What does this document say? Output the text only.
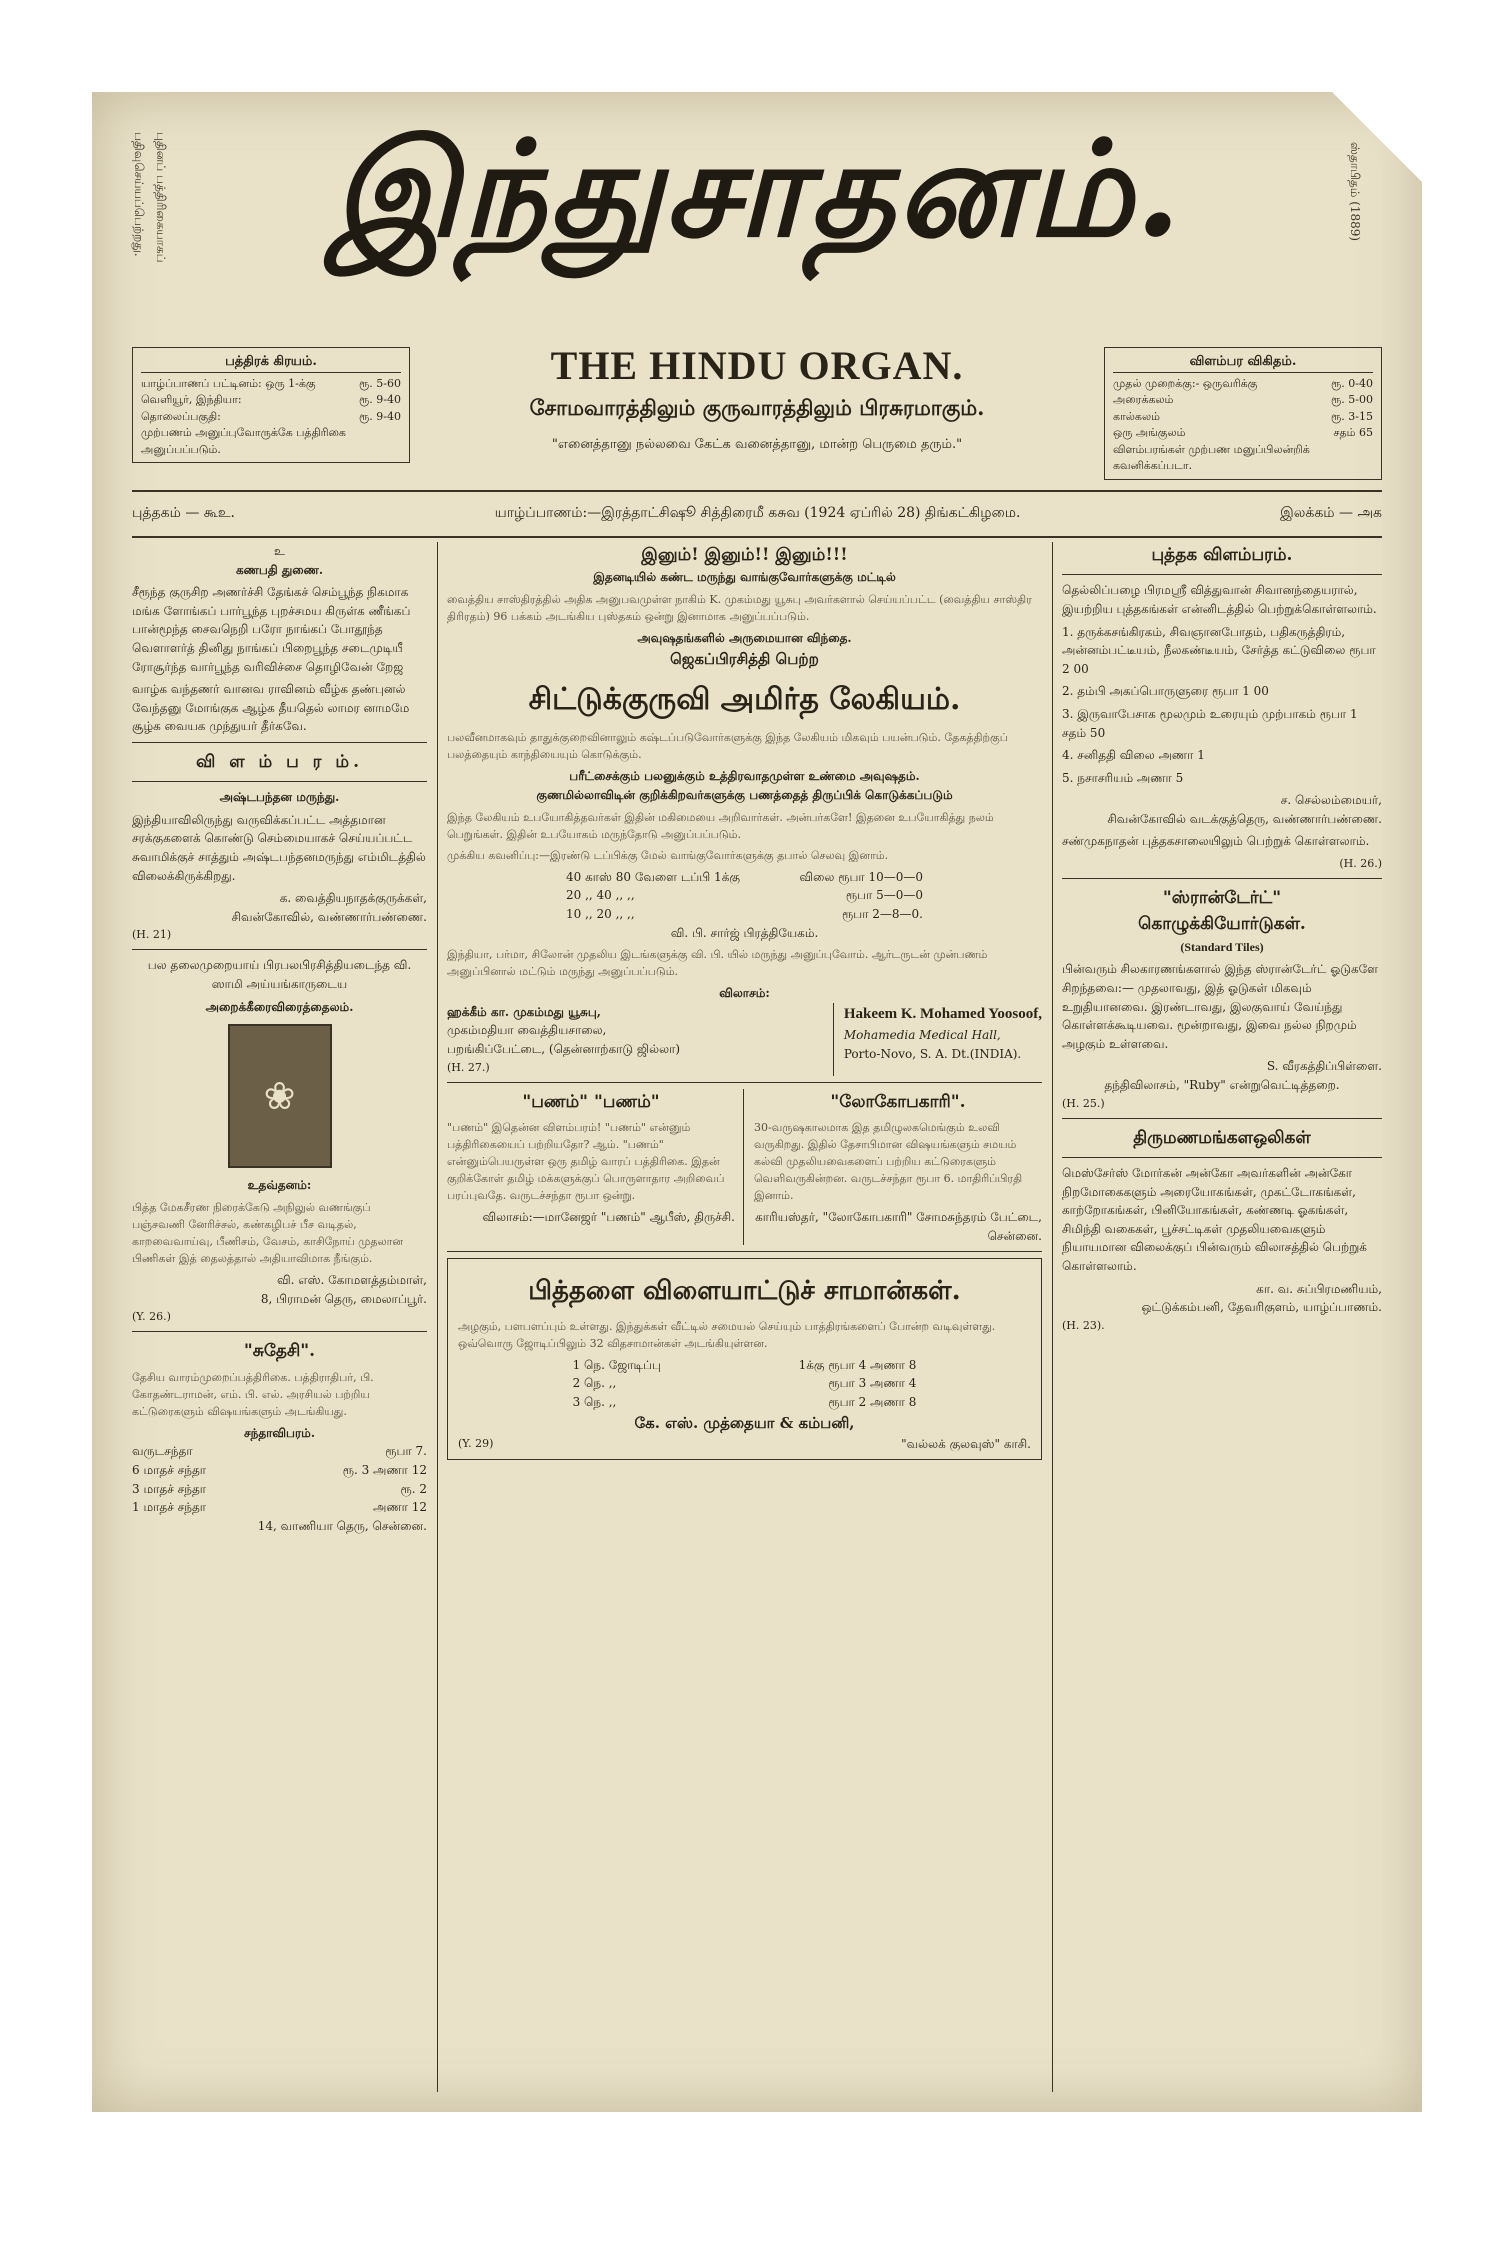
பதிவுசெய்யப்பெற்றது. புதினப் பத்திரிகையாகப்	ஸ்தாபிதம் (1889)
இந்துசாதனம்.
THE HINDU ORGAN.
சோமவாரத்திலும் குருவாரத்திலும் பிரசுரமாகும்.
"எனைத்தானு நல்லவை கேட்க வனைத்தானு, மான்ற பெருமை தரும்."
பத்திரக் கிரயம்.
யாழ்ப்பாணப் பட்டினம்: ஒரு 1-க்கு	ரூ. 5-60
வெளியூர், இந்தியா:	ரூ. 9-40
தொலைப்பகுதி:	ரூ. 9-40
முற்பணம் அனுப்புவோருக்கே பத்திரிகை அனுப்பப்படும்.
விளம்பர விகிதம்.
முதல் முறைக்கு:- ஒருவரிக்கு	ரூ. 0-40
அரைக்கலம்	ரூ. 5-00
கால்கலம்	ரூ. 3-15
ஒரு அங்குலம்	சதம் 65
விளம்பரங்கள் முற்பண மனுப்பிலன்றிக் கவனிக்கப்படா.
புத்தகம் — கூஉ.	யாழ்ப்பாணம்:—இரத்தாட்சிஷூ சித்திரைமீ கசுவ (1924 ஏப்ரில் 28) திங்கட்கிழமை.	இலக்கம் — அக
உ
கணபதி துணை.

சீரூந்த குருசிற அணர்ச்சி தேங்கச் செம்பூந்த நிகமாக மங்க ளோங்கப் பார்பூந்த புறச்சமய கிருள்க ணீங்கப் பான்மூந்த சைவநெறி பரோ நாங்கப் போதூந்த வெளாளர்த் தினிது நாங்கப் பிறைபூந்த சடைமுடியீ ரோசூர்ந்த வார்பூந்த வரிவிச்சை தொழிவேன் றேஜ

வாழ்க வந்தணர் வானவ ராவினம் வீழ்க தண்புனல் வேந்தனு மோங்குக ஆழ்க தீயதெல் லாமர னாமமே சூழ்க வையக முந்துயர் தீர்கவே.

வி ள ம் ப ர ம்.
அஷ்டபந்தன மருந்து.

இந்தியாவிலிருந்து வருவிக்கப்பட்ட அத்தமான சரக்குகளைக் கொண்டு செம்மையாகச் செய்யப்பட்ட சுவாமிக்குச் சாத்தும் அஷ்டபந்தனமருந்து எம்மிடத்தில் விலைக்கிருக்கிறது.

க. வைத்தியநாதக்குருக்கள்,
சிவன்கோவில், வண்ணார்பண்ணை.
(H. 21)

பல தலைமுறையாய் பிரபலபிரசித்தியடைந்த வி. ஸாமி அய்யங்காருடைய

அறைக்கீரைவிரைத்தைலம்.
❀
உதவ்தனம்:

பித்த மேகசீரண நிரைக்கேடு அநிலுல் வணங்குப் பஞ்சவணி னேரிச்சல், கண்கழிபச் பீச வடிதல், காறவைவாய்வு, பீணிசம், வேசம், காசிநோய் முதலான பிணிகள் இத் தைலத்தால் அதியாவிமாக நீங்கும்.

வி. எஸ். கோமளத்தம்மாள்,
8, பிராமன் தெரு, மைலாப்பூர்.
(Y. 26.)
"சுதேசி".

தேசிய வாரம்முறைப்பத்திரிகை. பத்திராதிபர், பி. கோதண்டராமன், எம். பி. எல். அரசியல் பற்றிய கட்டுரைகளும் விஷயங்களும் அடங்கியது.

சந்தாவிபரம்.
வருடசந்தா	ரூபா 7.
6 மாதச் சந்தா	ரூ. 3 அணா 12
3 மாதச் சந்தா	ரூ. 2
1 மாதச் சந்தா	அணா 12
14, வாணியா தெரு, சென்னை.
இனும்! இனும்!! இனும்!!!
இதனடியில் கண்ட மருந்து வாங்குவோர்களுக்கு மட்டில்

வைத்திய சாஸ்திரத்தில் அதிக அனுபவமுள்ள நாகிம் K. முகம்மது யூசுபு அவர்களால் செய்யப்பட்ட (வைத்திய சாஸ்திர திரிரதம்) 96 பக்கம் அடங்கிய புஸ்தகம் ஒன்று இனாமாக அனுப்பப்படும்.

அவுஷதங்களில் அருமையான விந்தை.
ஜெகப்பிரசித்தி பெற்ற
சிட்டுக்குருவி அமிர்த லேகியம்.

பலவீனமாகவும் தாதுக்குறைவினாலும் கஷ்டப்படுவோர்களுக்கு இந்த லேகியம் மிகவும் பயன்படும். தேகத்திற்குப் பலத்தையும் காந்தியையும் கொடுக்கும்.

பரீட்சைக்கும் பலனுக்கும் உத்திரவாதமுள்ள உண்மை அவுஷதம்.
குணமில்லாவிடின் குறிக்கிறவர்களுக்கு பணத்தைத் திருப்பிக் கொடுக்கப்படும்

இந்த லேகியம் உபயோகித்தவர்கள் இதின் மகிமையை அறிவார்கள். அன்பர்களே! இதனை உபயோகித்து நலம் பெறுங்கள். இதின் உபயோகம் மருந்தோடு அனுப்பப்படும்.

முக்கிய கவனிப்பு:—இரண்டு டப்பிக்கு மேல் வாங்குவோர்களுக்கு தபால் செலவு இனாம்.

40 காஸ் 80 வேளை டப்பி 1க்கு	விலை ரூபா 10—0—0
20 ,, 40 ,, ,,	ரூபா 5—0—0
10 ,, 20 ,, ,,	ரூபா 2—8—0.
வி. பி. சார்ஜ் பிரத்தியேகம்.

இந்தியா, பர்மா, சிலோன் முதலிய இடங்களுக்கு வி. பி. யில் மருந்து அனுப்புவோம். ஆர்டருடன் முன்பணம் அனுப்பினால் மட்டும் மருந்து அனுப்பப்படும்.

விலாசம்:
ஹக்கீம் கா. முகம்மது யூசுபு,
முகம்மதியா வைத்தியசாலை,
பறங்கிப்பேட்டை, (தென்னாற்காடு ஜில்லா)
(H. 27.)
Hakeem K. Mohamed Yoosoof,
Mohamedia Medical Hall,
Porto-Novo, S. A. Dt.(INDIA).
"பணம்" "பணம்"

"பணம்" இதென்ன விளம்பரம்! "பணம்" என்னும் பத்திரிகையைப் பற்றியதோ? ஆம். "பணம்" என்னும்பெயருள்ள ஒரு தமிழ் வாரப் பத்திரிகை. இதன் குறிக்கோள் தமிழ் மக்களுக்குப் பொருளாதார அறிவைப் பரப்புவதே. வருடச்சந்தா ரூபா ஒன்று.

விலாசம்:—மானேஜர் "பணம்" ஆபீஸ், திருச்சி.
"லோகோபகாரி".

30-வருஷகாலமாக இத தமிழுலகமெங்கும் உலவி வருகிறது. இதில் தேசாபிமான விஷயங்களும் சமயம் கல்வி முதலியவைகளைப் பற்றிய கட்டுரைகளும் வெளிவருகின்றன. வருடச்சந்தா ரூபா 6. மாதிரிப்பிரதி இனாம்.

காரியஸ்தர், "லோகோபகாரி" சோமசுந்தரம் பேட்டை, சென்னை.
பித்தளை விளையாட்டுச் சாமான்கள்.

அழகும், பளபளப்பும் உள்ளது. இந்துக்கள் வீட்டில் சமையல் செய்யும் பாத்திரங்களைப் போன்ற வடிவுள்ளது. ஒவ்வொரு ஜோடிப்பிலும் 32 விதசாமான்கள் அடங்கியுள்ளன.

1 நெ. ஜோடிப்பு	1க்கு ரூபா 4 அணா 8
2 நெ. ,,	ரூபா 3 அணா 4
3 நெ. ,,	ரூபா 2 அணா 8
கே. எஸ். முத்தையா & கம்பனி,
(Y. 29)	"வல்லக் குலவுஸ்" காசி.
புத்தக விளம்பரம்.

தெல்லிப்பழை பிரமஸ்ரீ வித்துவான் சிவானந்தையரால், இயற்றிய புத்தகங்கள் என்னிடத்தில் பெற்றுக்கொள்ளலாம்.

1. தருக்கசங்கிரகம், சிவஞானபோதம், பதிகருத்திரம், அன்னம்பட்டீயம், நீலகண்டீயம், சேர்த்த கட்டுவிலை ரூபா 2 00

2. தம்பி அகப்பொருளுரை ரூபா 1 00

3. இருவாபேசாக மூலமும் உரையும் முற்பாகம் ரூபா 1 சதம் 50

4. சனிததி விலை அணா 1

5. நசாசரியம் அணா 5

ச. செல்லம்மையர்,
சிவன்கோவில் வடக்குத்தெரு, வண்ணார்பண்ணை.

சண்முகநாதன் புத்தகசாலையிலும் பெற்றுக் கொள்ளலாம்.

(H. 26.)
"ஸ்ரான்டேர்ட்"
கொழுக்கியோர்டுகள்.
(Standard Tiles)

பின்வரும் சிலகாரணங்களால் இந்த ஸ்ரான்டேர்ட் ஓடுகளே சிறந்தவை:— முதலாவது, இத் ஓடுகள் மிகவும் உறுதியானவை. இரண்டாவது, இலகுவாய் வேய்ந்து கொள்ளக்கூடியவை. மூன்றாவது, இவை நல்ல நிறமும் அழகும் உள்ளவை.

S. வீரகத்திப்பிள்ளை.
தந்திவிலாசம், "Ruby" என்றுவெட்டித்தறை.
(H. 25.)
திருமணமங்களஒலிகள்

மெஸ்சேர்ஸ் மோர்கன் அன்கோ அவர்களின் அன்கோ நிறமோகைகளும் அரையோகங்கள், முகட்டோகங்கள், காற்றோகங்கள், பினியோகங்கள், கண்ணடி ஓகங்கள், சிமிந்தி வகைகள், பூச்சட்டிகள் முதலியவைகளும் நியாயமான விலைக்குப் பின்வரும் விலாசத்தில் பெற்றுக் கொள்ளலாம்.

கா. வ. சுப்பிரமணியம்,
ஒட்டுக்கம்பனி, தேவரிகுளம், யாழ்ப்பாணம்.
(H. 23).
